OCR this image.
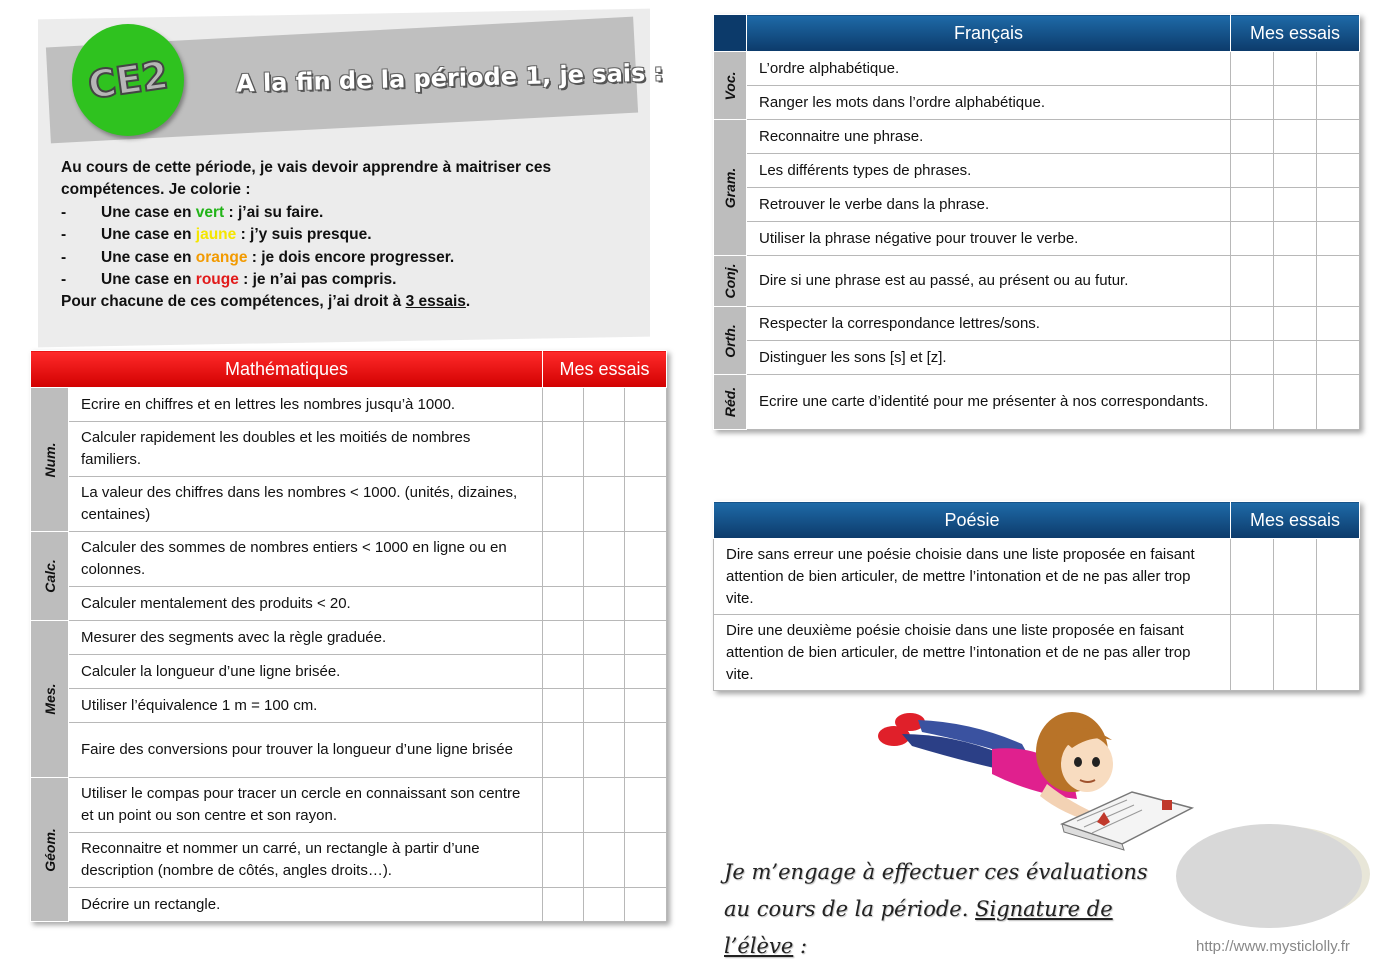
CE2	A la fin de la période 1, je sais :
Au cours de cette période, je vais devoir apprendre à maitriser ces
compétences. Je colorie :
- Une case en vert : j’ai su faire.
- Une case en jaune : j’y suis presque.
- Une case en orange : je dois encore progresser.
- Une case en rouge : je n’ai pas compris.
Pour chacune de ces compétences, j’ai droit à 3 essais.
Mathématiques		Mes essais		

Num.	Ecrire en chiffres et en lettres les nombres jusqu’à 1000.			
	Calculer rapidement les doubles et les moitiés de nombres familiers.			
	La valeur des chiffres dans les nombres < 1000. (unités, dizaines, centaines)			

Calc.	Calculer des sommes de nombres entiers < 1000 en ligne ou en colonnes.			
	Calculer mentalement des produits < 20.			

Mes.	Mesurer des segments avec la règle graduée.			
	Calculer la longueur d’une ligne brisée.			
	Utiliser l’équivalence 1 m = 100 cm.			
	Faire des conversions pour trouver la longueur d’une ligne brisée			

Géom.	Utiliser le compas pour tracer un cercle en connaissant son centre et un point ou son centre et son rayon.			
	Reconnaitre et nommer un carré, un rectangle à partir d’une description (nombre de côtés, angles droits…).			
	Décrire un rectangle.			
	Français	Mes essais		

Voc.	L’ordre alphabétique.			
	Ranger les mots dans l’ordre alphabétique.			

Gram.	Reconnaitre une phrase.			
	Les différents types de phrases.			
	Retrouver le verbe dans la phrase.			
	Utiliser la phrase négative pour trouver le verbe.			

Conj.	Dire si une phrase est au passé, au présent ou au futur.			

Orth.	Respecter la correspondance lettres/sons.			
	Distinguer les sons [s] et [z].			

Réd.	Ecrire une carte d’identité pour me présenter à nos correspondants.			
Poésie	Mes essais		
Dire sans erreur une poésie choisie dans une liste proposée en faisant attention de bien articuler, de mettre l’intonation et de ne pas aller trop vite.			
Dire une deuxième poésie choisie dans une liste proposée en faisant attention de bien articuler, de mettre l’intonation et de ne pas aller trop vite.			
Je m’engage à effectuer ces évaluations au cours de la période. Signature de l’élève :	http://www.mysticlolly.fr
